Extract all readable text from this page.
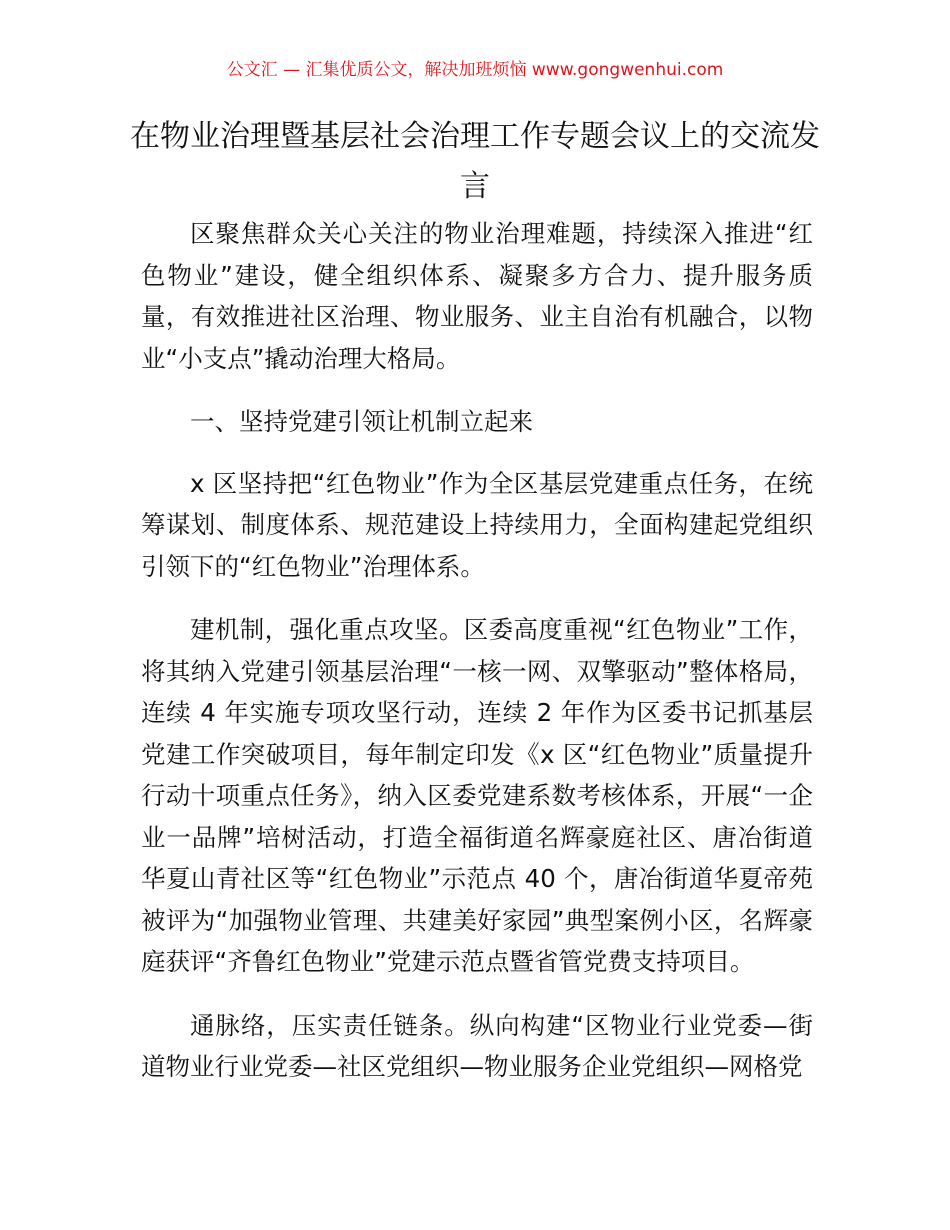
公文汇 — 汇集优质公文，解决加班烦恼 www.gongwenhui.com
在物业治理暨基层社会治理工作专题会议上的交流发言

区聚焦群众关心关注的物业治理难题，持续深入推进“红色物业”建设，健全组织体系、凝聚多方合力、提升服务质量，有效推进社区治理、物业服务、业主自治有机融合，以物业“小支点”撬动治理大格局。

一、坚持党建引领让机制立起来

x 区坚持把“红色物业”作为全区基层党建重点任务，在统筹谋划、制度体系、规范建设上持续用力，全面构建起党组织引领下的“红色物业”治理体系。

建机制，强化重点攻坚。区委高度重视“红色物业”工作，将其纳入党建引领基层治理“一核一网、双擎驱动”整体格局，连续 4 年实施专项攻坚行动，连续 2 年作为区委书记抓基层党建工作突破项目，每年制定印发《x 区“红色物业”质量提升行动十项重点任务》，纳入区委党建系数考核体系，开展“一企业一品牌”培树活动，打造全福街道名辉豪庭社区、唐冶街道华夏山青社区等“红色物业”示范点 40 个，唐冶街道华夏帝苑被评为“加强物业管理、共建美好家园”典型案例小区，名辉豪庭获评“齐鲁红色物业”党建示范点暨省管党费支持项目。

通脉络，压实责任链条。纵向构建“区物业行业党委—街道物业行业党委—社区党组织—物业服务企业党组织—网格党
